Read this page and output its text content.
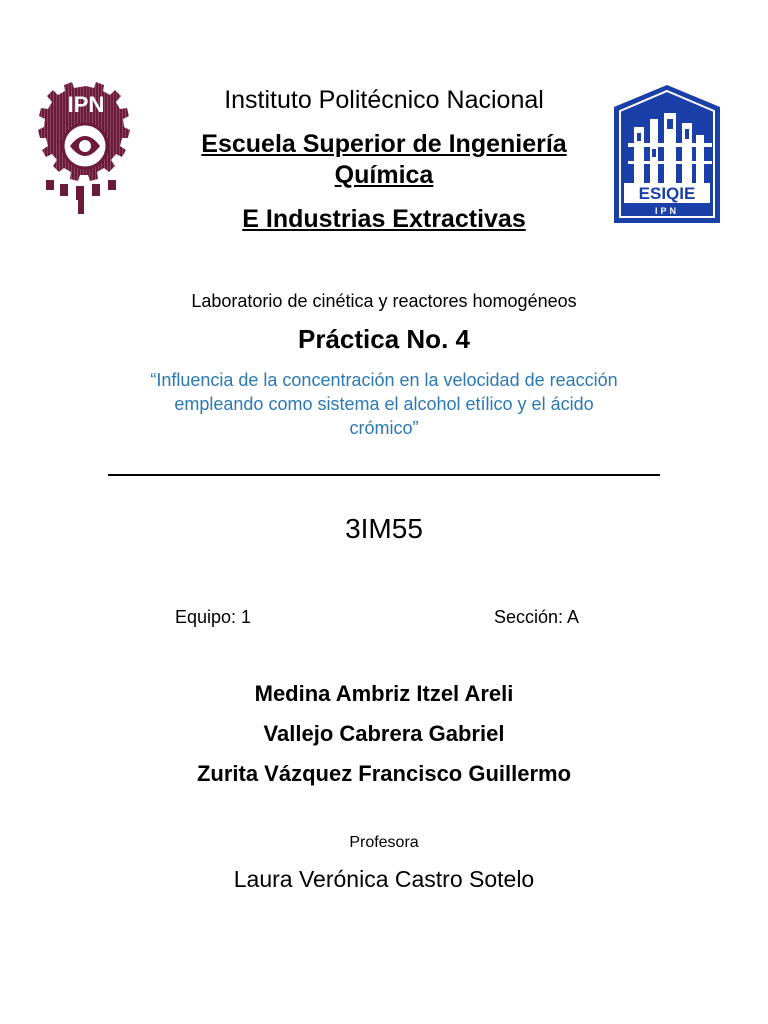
IPN
ESIQIE
IPN
Instituto Politécnico Nacional
Escuela Superior de Ingeniería
Química
E Industrias Extractivas
Laboratorio de cinética y reactores homogéneos
Práctica No. 4
“Influencia de la concentración en la velocidad de reacción
empleando como sistema el alcohol etílico y el ácido
crómico”
3IM55
Equipo: 1	Sección: A
Medina Ambriz Itzel Areli
Vallejo Cabrera Gabriel
Zurita Vázquez Francisco Guillermo
Profesora
Laura Verónica Castro Sotelo
